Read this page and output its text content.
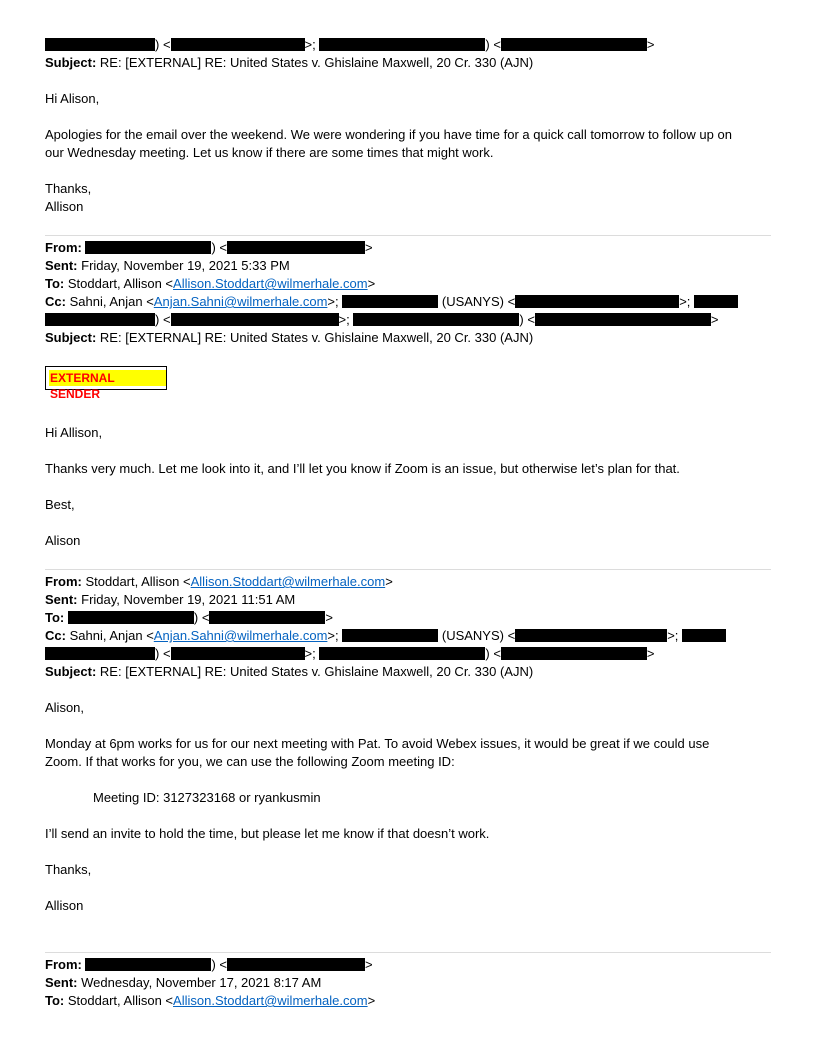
) <	>;	) <	>
Subject: RE: [EXTERNAL] RE: United States v. Ghislaine Maxwell, 20 Cr. 330 (AJN)
Hi Alison,
Apologies for the email over the weekend. We were wondering if you have time for a quick call tomorrow to follow up on
our Wednesday meeting. Let us know if there are some times that might work.
Thanks,
Allison
From:	) <	>
Sent: Friday, November 19, 2021 5:33 PM
To: Stoddart, Allison <Allison.Stoddart@wilmerhale.com>
Cc: Sahni, Anjan <Anjan.Sahni@wilmerhale.com>;	(USANYS) <	>;
) <	>;	) <	>
Subject: RE: [EXTERNAL] RE: United States v. Ghislaine Maxwell, 20 Cr. 330 (AJN)
EXTERNAL SENDER
Hi Allison,
Thanks very much. Let me look into it, and I’ll let you know if Zoom is an issue, but otherwise let’s plan for that.
Best,
Alison
From: Stoddart, Allison <Allison.Stoddart@wilmerhale.com>
Sent: Friday, November 19, 2021 11:51 AM
To:	) <	>
Cc: Sahni, Anjan <Anjan.Sahni@wilmerhale.com>;	(USANYS) <	>;
) <	>;	) <	>
Subject: RE: [EXTERNAL] RE: United States v. Ghislaine Maxwell, 20 Cr. 330 (AJN)
Alison,
Monday at 6pm works for us for our next meeting with Pat. To avoid Webex issues, it would be great if we could use
Zoom. If that works for you, we can use the following Zoom meeting ID:
Meeting ID: 3127323168 or ryankusmin
I’ll send an invite to hold the time, but please let me know if that doesn’t work.
Thanks,
Allison
From:	) <	>
Sent: Wednesday, November 17, 2021 8:17 AM
To: Stoddart, Allison <Allison.Stoddart@wilmerhale.com>
